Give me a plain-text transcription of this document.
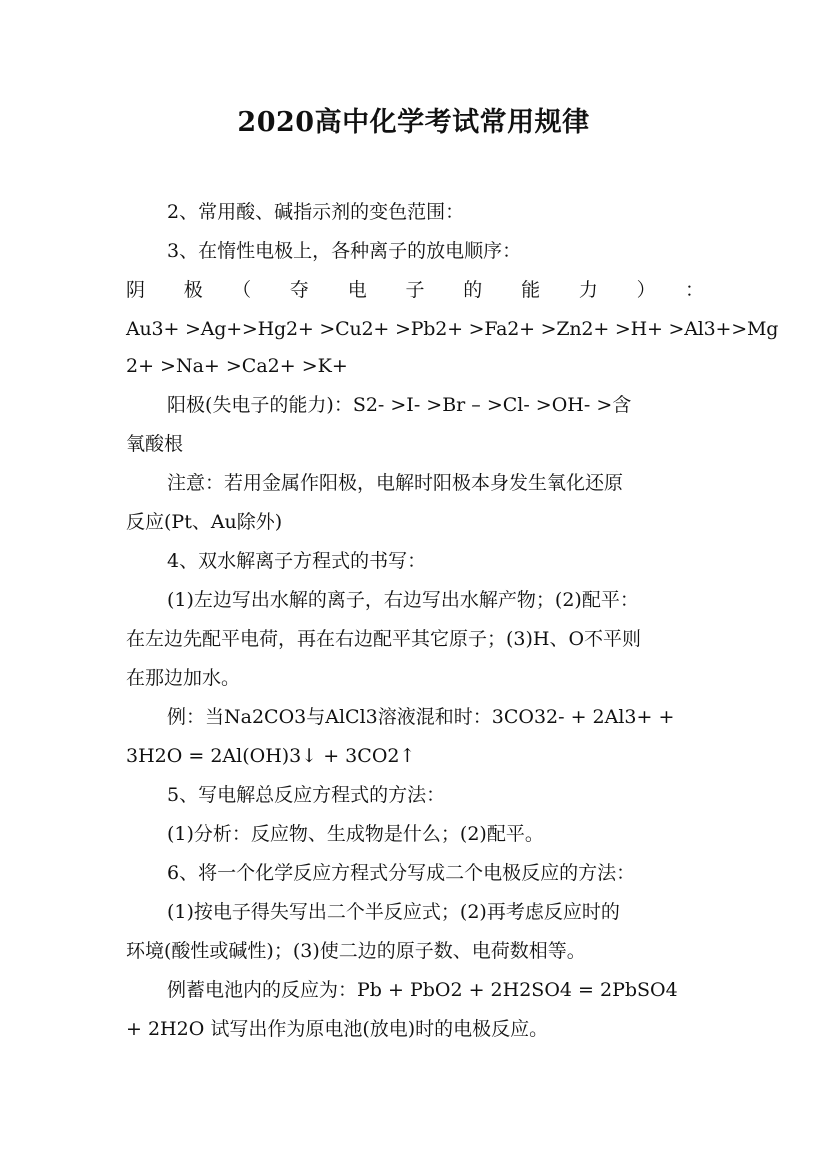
2020高中化学考试常用规律
2、常用酸、碱指示剂的变色范围：
3、在惰性电极上，各种离子的放电顺序：
阴　极　（　夺　电　子　的　能　力　）　：
Au3+ >Ag+>Hg2+ >Cu2+ >Pb2+ >Fa2+ >Zn2+ >H+ >Al3+>Mg
2+ >Na+ >Ca2+ >K+
阳极(失电子的能力)：S2- >I- >Br – >Cl- >OH- >含
氧酸根
注意：若用金属作阳极，电解时阳极本身发生氧化还原
反应(Pt、Au除外)
4、双水解离子方程式的书写：
(1)左边写出水解的离子，右边写出水解产物；(2)配平：
在左边先配平电荷，再在右边配平其它原子；(3)H、O不平则
在那边加水。
例：当Na2CO3与AlCl3溶液混和时：3CO32- + 2Al3+ +
3H2O = 2Al(OH)3↓ + 3CO2↑
5、写电解总反应方程式的方法：
(1)分析：反应物、生成物是什么；(2)配平。
6、将一个化学反应方程式分写成二个电极反应的方法：
(1)按电子得失写出二个半反应式；(2)再考虑反应时的
环境(酸性或碱性)；(3)使二边的原子数、电荷数相等。
例蓄电池内的反应为：Pb + PbO2 + 2H2SO4 = 2PbSO4
+ 2H2O 试写出作为原电池(放电)时的电极反应。
